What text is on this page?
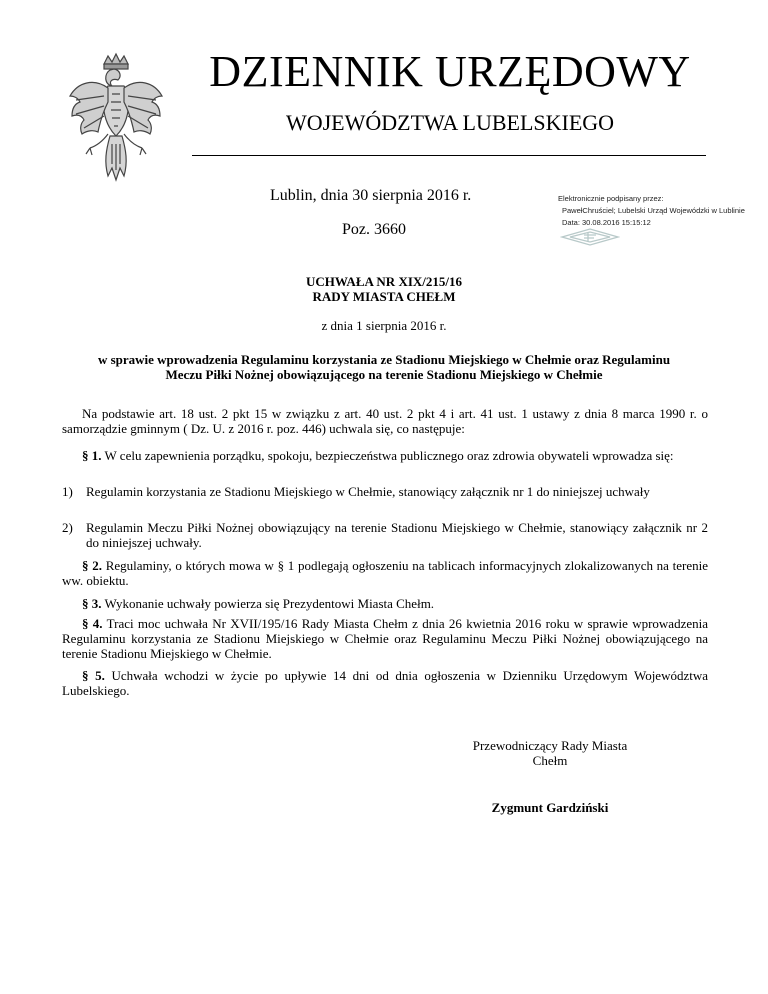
DZIENNIK URZĘDOWY
WOJEWÓDZTWA LUBELSKIEGO
Lublin, dnia 30 sierpnia 2016 r.
Poz. 3660
Elektronicznie podpisany przez:
PawełChruściel; Lubelski Urząd Wojewódzki w Lublinie
Data: 30.08.2016 15:15:12
UCHWAŁA NR XIX/215/16
RADY MIASTA CHEŁM
z dnia 1 sierpnia 2016 r.
w sprawie wprowadzenia Regulaminu korzystania ze Stadionu Miejskiego w Chełmie oraz Regulaminu
Meczu Piłki Nożnej obowiązującego na terenie Stadionu Miejskiego w Chełmie
Na podstawie art. 18 ust. 2 pkt 15 w związku z art. 40 ust. 2 pkt 4 i art. 41 ust. 1 ustawy z dnia 8 marca 1990 r. o samorządzie gminnym ( Dz. U. z 2016 r. poz. 446) uchwala się, co następuje:
§ 1. W celu zapewnienia porządku, spokoju, bezpieczeństwa publicznego oraz zdrowia obywateli wprowadza się:
1) Regulamin korzystania ze Stadionu Miejskiego w Chełmie, stanowiący załącznik nr 1 do niniejszej uchwały
2) Regulamin Meczu Piłki Nożnej obowiązujący na terenie Stadionu Miejskiego w Chełmie, stanowiący załącznik nr 2 do niniejszej uchwały.
§ 2. Regulaminy, o których mowa w § 1 podlegają ogłoszeniu na tablicach informacyjnych zlokalizowanych na terenie ww. obiektu.
§ 3. Wykonanie uchwały powierza się Prezydentowi Miasta Chełm.
§ 4. Traci moc uchwała Nr XVII/195/16 Rady Miasta Chełm z dnia 26 kwietnia 2016 roku w sprawie wprowadzenia Regulaminu korzystania ze Stadionu Miejskiego w Chełmie oraz Regulaminu Meczu Piłki Nożnej obowiązującego na terenie Stadionu Miejskiego w Chełmie.
§ 5. Uchwała wchodzi w życie po upływie 14 dni od dnia ogłoszenia w Dzienniku Urzędowym Województwa Lubelskiego.
Przewodniczący Rady Miasta
Chełm
Zygmunt Gardziński
